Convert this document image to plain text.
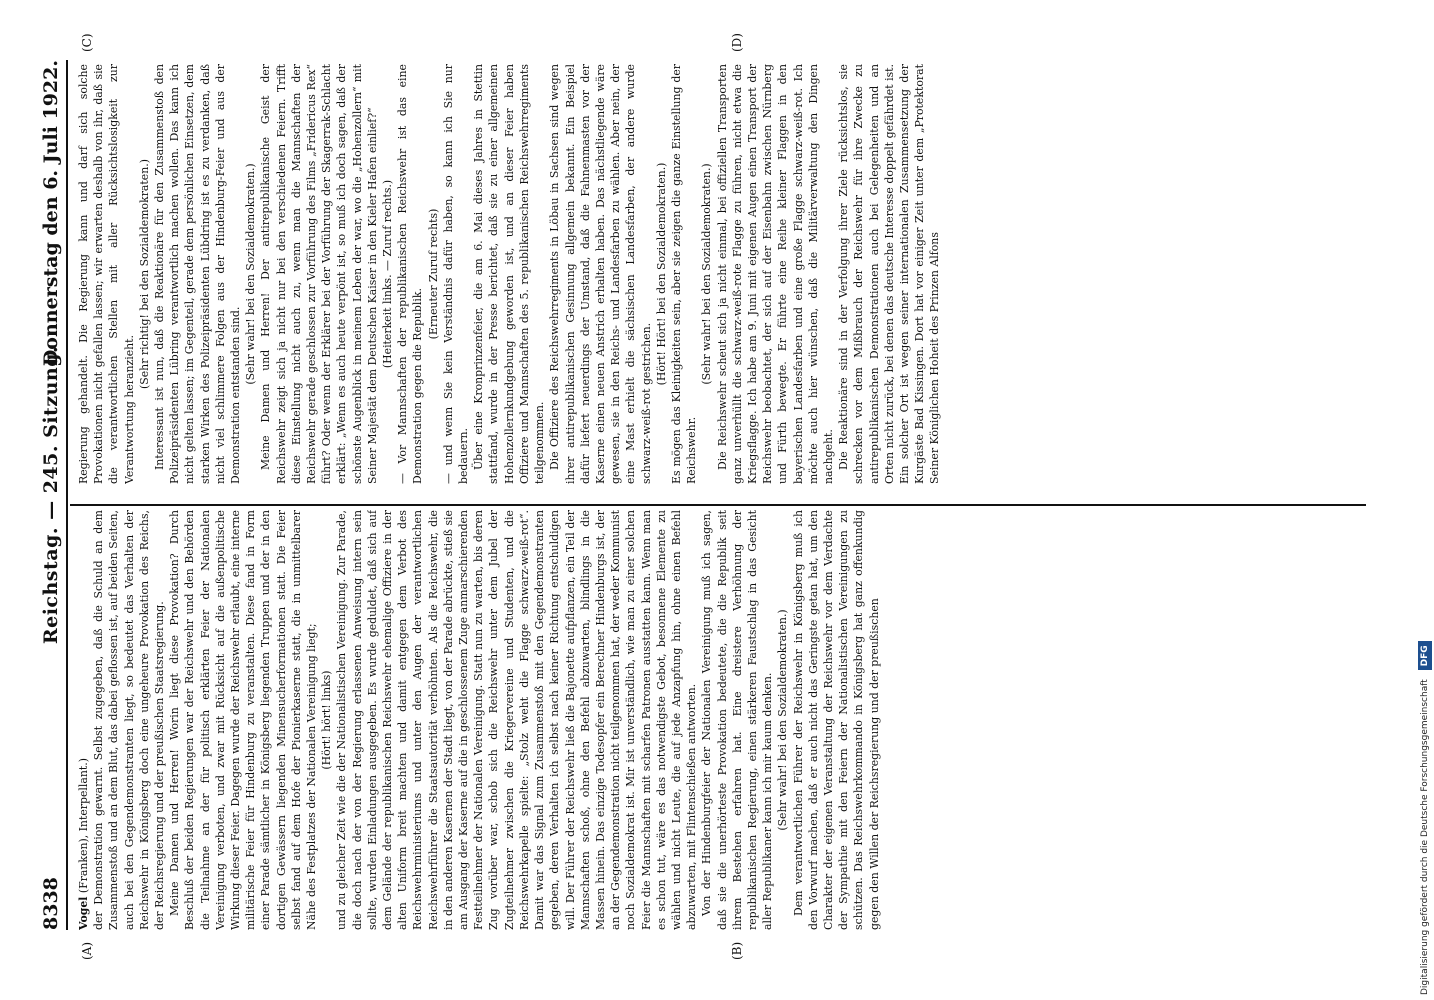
8338
Reichstag. — 245. Sitzung.
Donnerstag den 6. Juli 1922.
(A)	(B)
(C)	(D)

Vogel (Franken), Interpellant.) der Demonstration gewarnt. Selbst zugegeben, daß die Schuld an dem Zusammenstoß und an dem Blut, das dabei geflossen ist, auf beiden Seiten, auch bei den Gegendemonstranten liegt, so bedeutet das Verhalten der Reichswehr in Königsberg doch eine ungeheure Provokation des Reichs, der Reichsregierung und der preußischen Staatsregierung. Meine Damen und Herren! Worin liegt diese Provokation? Durch Beschluß der beiden Regierungen war der Reichswehr und den Behörden die Teilnahme an der für politisch erklärten Feier der Nationalen Vereinigung verboten, und zwar mit Rücksicht auf die außenpolitische Wirkung dieser Feier. Dagegen wurde der Reichswehr erlaubt, eine interne militärische Feier für Hindenburg zu veranstalten. Diese fand in Form einer Parade sämtlicher in Königsberg liegenden Truppen und der in den dortigen Gewässern liegenden Minensucherformationen statt. Die Feier selbst fand auf dem Hofe der Pionierkaserne statt, die in unmittelbarer Nähe des Festplatzes der Nationalen Vereinigung liegt; (Hört! hört! links) und zu gleicher Zeit wie die der Nationalistischen Vereinigung. Zur Parade, die doch nach der von der Regierung erlassenen Anweisung intern sein sollte, wurden Einladungen ausgegeben. Es wurde geduldet, daß sich auf dem Gelände der republikanischen Reichswehr ehemalige Offiziere in der alten Uniform breit machten und damit entgegen dem Verbot des Reichswehrministeriums und unter den Augen der verantwortlichen Reichswehrführer die Staatsautorität verhöhnten. Als die Reichswehr, die in den anderen Kasernen der Stadt liegt, von der Parade abrückte, stieß sie am Ausgang der Kaserne auf die in geschlossenem Zuge anmarschierenden Festteilnehmer der Nationalen Vereinigung. Statt nun zu warten, bis deren Zug vorüber war, schob sich die Reichswehr unter dem Jubel der Zugteilnehmer zwischen die Kriegervereine und Studenten, und die Reichswehrkapelle spielte: „Stolz weht die Flagge schwarz-weiß-rot“. Damit war das Signal zum Zusammenstoß mit den Gegendemonstranten gegeben, deren Verhalten ich selbst nach keiner Richtung entschuldigen will. Der Führer der Reichswehr ließ die Bajonette aufpflanzen, ein Teil der Mannschaften schoß, ohne den Befehl abzuwarten, blindlings in die Massen hinein. Das einzige Todesopfer ein Berechner Hindenburgs ist, der an der Gegendemonstration nicht teilgenommen hat, der weder Kommunist noch Sozialdemokrat ist. Mir ist unverständlich, wie man zu einer solchen Feier die Mannschaften mit scharfen Patronen ausstatten kann. Wenn man es schon tut, wäre es das notwendigste Gebot, besonnene Elemente zu wählen und nicht Leute, die auf jede Anzapfung hin, ohne einen Befehl abzuwarten, mit Flintenschießen antworten. Von der Hindenburgfeier der Nationalen Vereinigung muß ich sagen, daß sie die unerhörteste Provokation bedeutete, die die Republik seit ihrem Bestehen erfahren hat. Eine dreistere Verhöhnung der republikanischen Regierung, einen stärkeren Faustschlag in das Gesicht aller Republikaner kann ich mir kaum denken. (Sehr wahr! bei den Sozialdemokraten.) Dem verantwortlichen Führer der Reichswehr in Königsberg muß ich den Vorwurf machen, daß er auch nicht das Geringste getan hat, um den Charakter der eigenen Veranstaltung der Reichswehr vor dem Verdachte der Sympathie mit den Feiern der Nationalistischen Vereinigungen zu schützen. Das Reichswehrkommando in Königsberg hat ganz offenkundig gegen den Willen der Reichsregierung und der preußischen

Regierung gehandelt. Die Regierung kann und darf sich solche Provokationen nicht gefallen lassen; wir erwarten deshalb von ihr, daß sie die verantwortlichen Stellen mit aller Rücksichtslosigkeit zur Verantwortung heranzieht.

(Sehr richtig! bei den Sozialdemokraten.) Interessant ist nun, daß die Reaktionäre für den Zusammenstoß den Polizeipräsidenten Lübring verantwortlich machen wollen. Das kann ich nicht gelten lassen; im Gegenteil, gerade dem persönlichen Einsetzen, dem starken Wirken des Polizeipräsidenten Lübdring ist es zu verdanken, daß nicht viel schlimmere Folgen aus der Hindenburg-Feier und aus der Demonstration entstanden sind.

(Sehr wahr! bei den Sozialdemokraten.) Meine Damen und Herren! Der antirepublikanische Geist der Reichswehr zeigt sich ja nicht nur bei den verschiedenen Feiern. Trifft diese Einstellung nicht auch zu, wenn man die Mannschaften der Reichswehr gerade geschlossen zur Vorführung des Films „Fridericus Rex“ führt? Oder wenn der Erklärer bei der Vorführung der Skagerrak-Schlacht erklärt: „Wenn es auch heute verpönt ist, so muß ich doch sagen, daß der schönste Augenblick in meinem Leben der war, wo die „Hohenzollern“ mit Seiner Majestät dem Deutschen Kaiser in den Kieler Hafen einlief?“ (Heiterkeit links. — Zuruf rechts.) — Vor Mannschaften der republikanischen Reichswehr ist das eine Demonstration gegen die Republik.

(Erneuter Zuruf rechts) — und wenn Sie kein Verständnis dafür haben, so kann ich Sie nur bedauern. Über eine Kronprinzenfeier, die am 6. Mai dieses Jahres in Stettin stattfand, wurde in der Presse berichtet, daß sie zu einer allgemeinen Hohenzollernkundgebung geworden ist, und an dieser Feier haben Offiziere und Mannschaften des 5. republikanischen Reichswehrregiments teilgenommen. Die Offiziere des Reichswehrregiments in Löbau in Sachsen sind wegen ihrer antirepublikanischen Gesinnung allgemein bekannt. Ein Beispiel dafür liefert neuerdings der Umstand, daß die Fahnenmasten vor der Kaserne einen neuen Anstrich erhalten haben. Das nächstliegende wäre gewesen, sie in den Reichs- und Landesfarben zu wählen. Aber nein, der eine Mast erhielt die sächsischen Landesfarben, der andere wurde schwarz-weiß-rot gestrichen.

(Hört! Hört! bei den Sozialdemokraten.) Es mögen das Kleinigkeiten sein, aber sie zeigen die ganze Einstellung der Reichswehr.

(Sehr wahr! bei den Sozialdemokraten.) Die Reichswehr scheut sich ja nicht einmal, bei offiziellen Transporten ganz unverhüllt die schwarz-weiß-rote Flagge zu führen, nicht etwa die Kriegsflagge. Ich habe am 9. Juni mit eigenen Augen einen Transport der Reichswehr beobachtet, der sich auf der Eisenbahn zwischen Nürnberg und Fürth bewegte. Er führte eine Reihe kleiner Flaggen in den bayerischen Landesfarben und eine große Flagge schwarz-weiß-rot. Ich möchte auch hier wünschen, daß die Militärverwaltung den Dingen nachgeht. Die Reaktionäre sind in der Verfolgung ihrer Ziele rücksichtslos, sie schrecken vor dem Mißbrauch der Reichswehr für ihre Zwecke zu antirepublikanischen Demonstrationen auch bei Gelegenheiten und an Orten nicht zurück, bei denen das deutsche Interesse doppelt gefährdet ist. Ein solcher Ort ist wegen seiner internationalen Zusammensetzung der Kurgäste Bad Kissingen. Dort hat vor einiger Zeit unter dem „Protektorat Seiner Königlichen Hoheit des Prinzen Alfons

Digitalisierung gefördert durch die Deutsche Forschungsgemeinschaft DFG
